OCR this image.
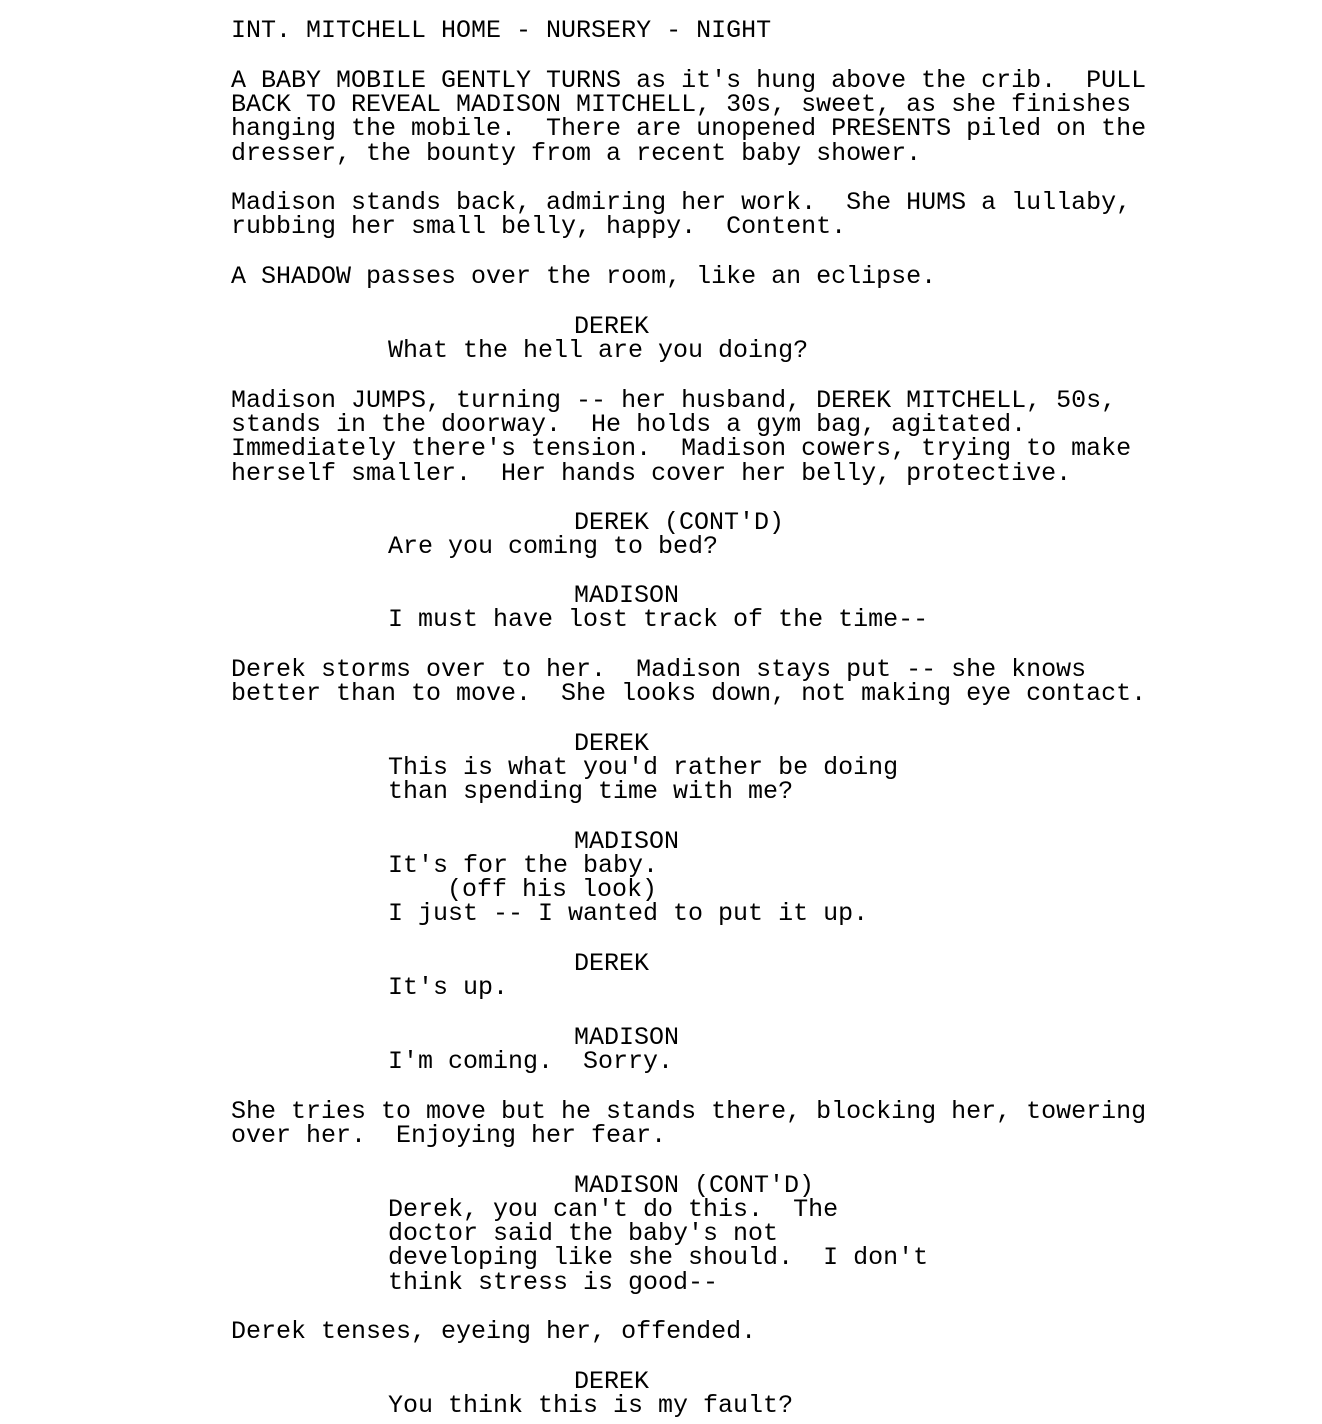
INT. MITCHELL HOME - NURSERY - NIGHT
A BABY MOBILE GENTLY TURNS as it's hung above the crib.  PULL
BACK TO REVEAL MADISON MITCHELL, 30s, sweet, as she finishes
hanging the mobile.  There are unopened PRESENTS piled on the
dresser, the bounty from a recent baby shower.
Madison stands back, admiring her work.  She HUMS a lullaby,
rubbing her small belly, happy.  Content.
A SHADOW passes over the room, like an eclipse.
DEREK
What the hell are you doing?
Madison JUMPS, turning -- her husband, DEREK MITCHELL, 50s,
stands in the doorway.  He holds a gym bag, agitated.
Immediately there's tension.  Madison cowers, trying to make
herself smaller.  Her hands cover her belly, protective.
DEREK (CONT'D)
Are you coming to bed?
MADISON
I must have lost track of the time--
Derek storms over to her.  Madison stays put -- she knows
better than to move.  She looks down, not making eye contact.
DEREK
This is what you'd rather be doing
than spending time with me?
MADISON
It's for the baby.
(off his look)
I just -- I wanted to put it up.
DEREK
It's up.
MADISON
I'm coming.  Sorry.
She tries to move but he stands there, blocking her, towering
over her.  Enjoying her fear.
MADISON (CONT'D)
Derek, you can't do this.  The
doctor said the baby's not
developing like she should.  I don't
think stress is good--
Derek tenses, eyeing her, offended.
DEREK
You think this is my fault?
